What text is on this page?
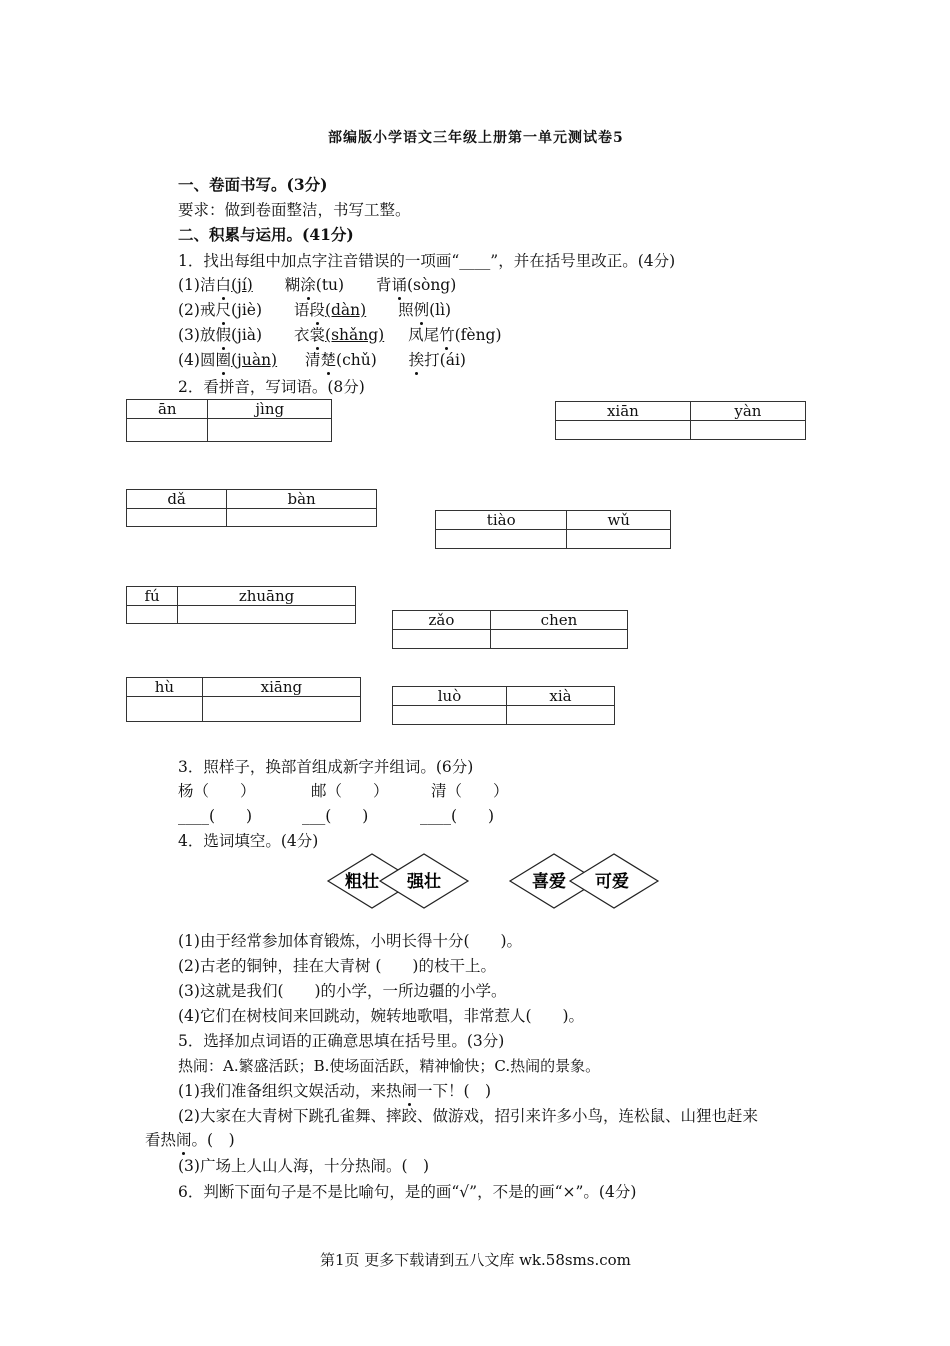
部编版小学语文三年级上册第一单元测试卷5
一、卷面书写。(3分)
要求：做到卷面整洁，书写工整。
二、积累与运用。(41分)
1．找出每组中加点字注音错误的一项画“____”，并在括号里改正。(4分)
(1)洁白(jí) 糊涂(tu) 背诵(sòng)
(2)戒尺(jiè) 语段(dàn) 照例(lì)
(3)放假(jià) 衣裳(shǎng) 凤尾竹(fèng)
(4)圆圈(juàn) 清楚(chǔ) 挨打(ái)
2．看拼音，写词语。(8分)
ān	jìng
		xiān	yàn

dǎ	bàn

tiào	wǔ

fú	zhuāng

zǎo	chen

hù	xiāng
		luò	xià

3．照样子，换部首组成新字并组词。(6分)
杨（　　）	邮（　　）	清（　　）
____(　　)	___(　　)	____(　　)
4．选词填空。(4分)
粗壮 强壮	喜爱 可爱
(1)由于经常参加体育锻炼，小明长得十分(　　)。
(2)古老的铜钟，挂在大青树 (　　)的枝干上。
(3)这就是我们(　　)的小学，一所边疆的小学。
(4)它们在树枝间来回跳动，婉转地歌唱，非常惹人(　　)。
5．选择加点词语的正确意思填在括号里。(3分)
热闹：A.繁盛活跃；B.使场面活跃，精神愉快；C.热闹的景象。
(1)我们准备组织文娱活动，来热闹一下！(　)
(2)大家在大青树下跳孔雀舞、摔跤、做游戏，招引来许多小鸟，连松鼠、山狸也赶来
看热闹。(　)
(3)广场上人山人海，十分热闹。(　)
6．判断下面句子是不是比喻句，是的画“√”，不是的画“×”。(4分)
第1页 更多下载请到五八文库 wk.58sms.com
